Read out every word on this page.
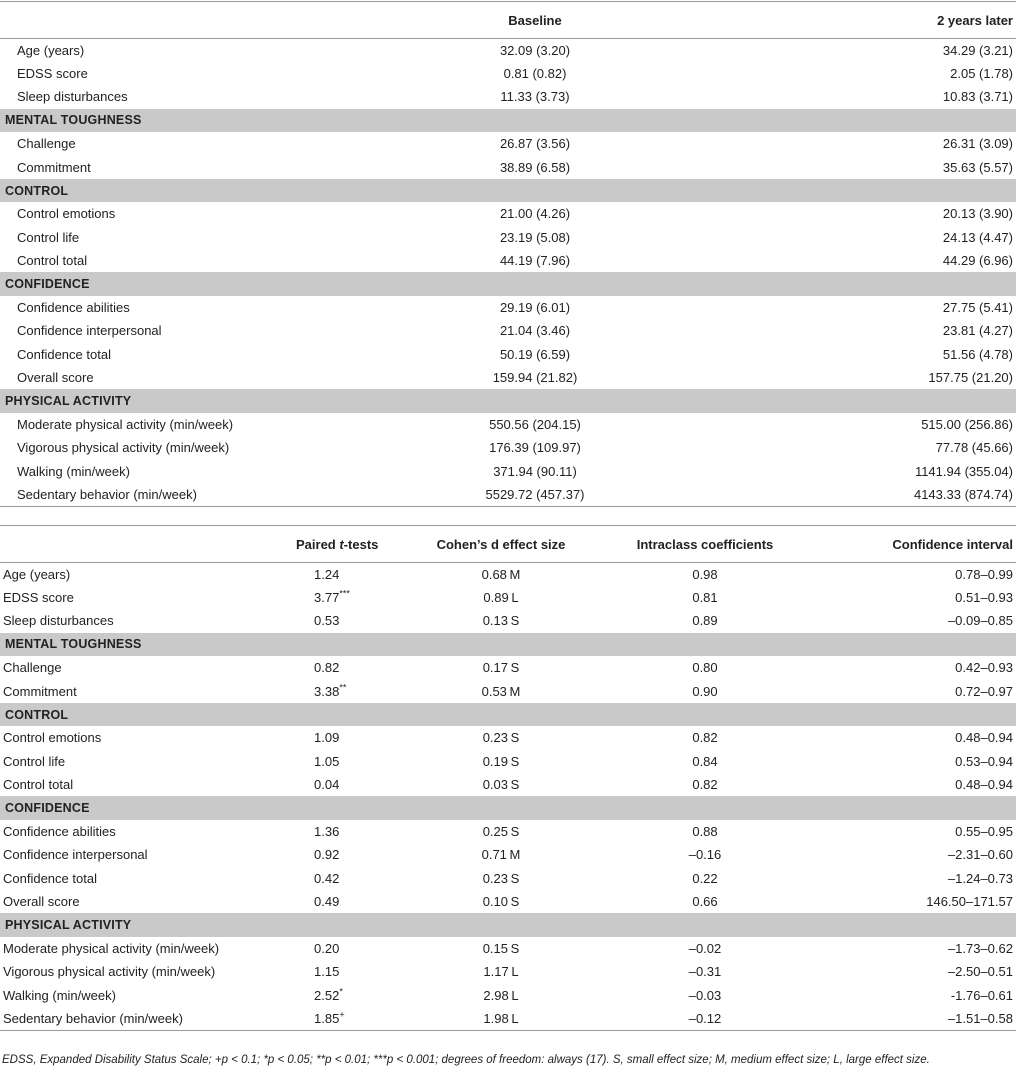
	Baseline	2 years later
Age (years)	32.09 (3.20)	34.29 (3.21)
EDSS score	0.81 (0.82)	2.05 (1.78)
Sleep disturbances	11.33 (3.73)	10.83 (3.71)
MENTAL TOUGHNESS		
Challenge	26.87 (3.56)	26.31 (3.09)
Commitment	38.89 (6.58)	35.63 (5.57)
CONTROL		
Control emotions	21.00 (4.26)	20.13 (3.90)
Control life	23.19 (5.08)	24.13 (4.47)
Control total	44.19 (7.96)	44.29 (6.96)
CONFIDENCE		
Confidence abilities	29.19 (6.01)	27.75 (5.41)
Confidence interpersonal	21.04 (3.46)	23.81 (4.27)
Confidence total	50.19 (6.59)	51.56 (4.78)
Overall score	159.94 (21.82)	157.75 (21.20)
PHYSICAL ACTIVITY		
Moderate physical activity (min/week)	550.56 (204.15)	515.00 (256.86)
Vigorous physical activity (min/week)	176.39 (109.97)	77.78 (45.66)
Walking (min/week)	371.94 (90.11)	1141.94 (355.04)
Sedentary behavior (min/week)	5529.72 (457.37)	4143.33 (874.74)
	Paired t-tests	Cohen’s d effect size	Intraclass coefficients	Confidence interval
Age (years)	1.24	0.68  M	0.98	0.78–0.99
EDSS score	3.77***	0.89  L	0.81	0.51–0.93
Sleep disturbances	0.53	0.13  S	0.89	–0.09–0.85
MENTAL TOUGHNESS				
Challenge	0.82	0.17  S	0.80	0.42–0.93
Commitment	3.38**	0.53  M	0.90	0.72–0.97
CONTROL				
Control emotions	1.09	0.23  S	0.82	0.48–0.94
Control life	1.05	0.19  S	0.84	0.53–0.94
Control total	0.04	0.03  S	0.82	0.48–0.94
CONFIDENCE				
Confidence abilities	1.36	0.25  S	0.88	0.55–0.95
Confidence interpersonal	0.92	0.71  M	–0.16	–2.31–0.60
Confidence total	0.42	0.23  S	0.22	–1.24–0.73
Overall score	0.49	0.10  S	0.66	146.50–171.57
PHYSICAL ACTIVITY				
Moderate physical activity (min/week)	0.20	0.15  S	–0.02	–1.73–0.62
Vigorous physical activity (min/week)	1.15	1.17  L	–0.31	–2.50–0.51
Walking (min/week)	2.52*	2.98  L	–0.03	-1.76–0.61
Sedentary behavior (min/week)	1.85+	1.98  L	–0.12	–1.51–0.58
EDSS, Expanded Disability Status Scale; +p < 0.1; *p < 0.05; **p < 0.01; ***p < 0.001; degrees of freedom: always (17). S, small effect size; M, medium effect size; L, large effect size.
